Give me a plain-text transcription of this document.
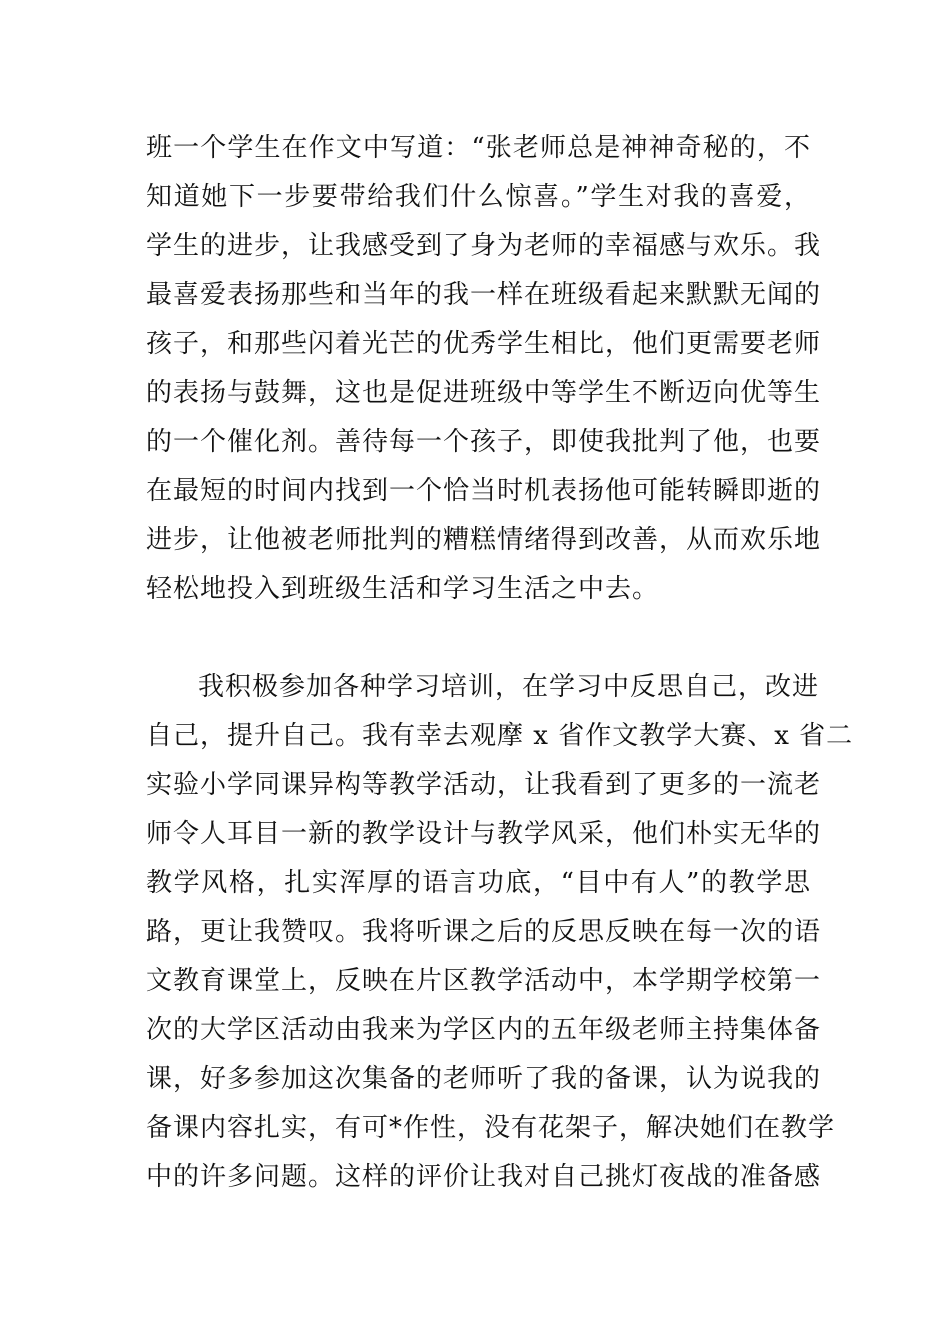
班一个学生在作文中写道：“张老师总是神神奇秘的，不
知道她下一步要带给我们什么惊喜。”学生对我的喜爱，
学生的进步，让我感受到了身为老师的幸福感与欢乐。我
最喜爱表扬那些和当年的我一样在班级看起来默默无闻的
孩子，和那些闪着光芒的优秀学生相比，他们更需要老师
的表扬与鼓舞，这也是促进班级中等学生不断迈向优等生
的一个催化剂。善待每一个孩子，即使我批判了他，也要
在最短的时间内找到一个恰当时机表扬他可能转瞬即逝的
进步，让他被老师批判的糟糕情绪得到改善，从而欢乐地
轻松地投入到班级生活和学习生活之中去。
我积极参加各种学习培训，在学习中反思自己，改进
自己，提升自己。我有幸去观摩 x 省作文教学大赛、x 省二
实验小学同课异构等教学活动，让我看到了更多的一流老
师令人耳目一新的教学设计与教学风采，他们朴实无华的
教学风格，扎实浑厚的语言功底，“目中有人”的教学思
路，更让我赞叹。我将听课之后的反思反映在每一次的语
文教育课堂上，反映在片区教学活动中，本学期学校第一
次的大学区活动由我来为学区内的五年级老师主持集体备
课，好多参加这次集备的老师听了我的备课，认为说我的
备课内容扎实，有可*作性，没有花架子，解决她们在教学
中的许多问题。这样的评价让我对自己挑灯夜战的准备感
